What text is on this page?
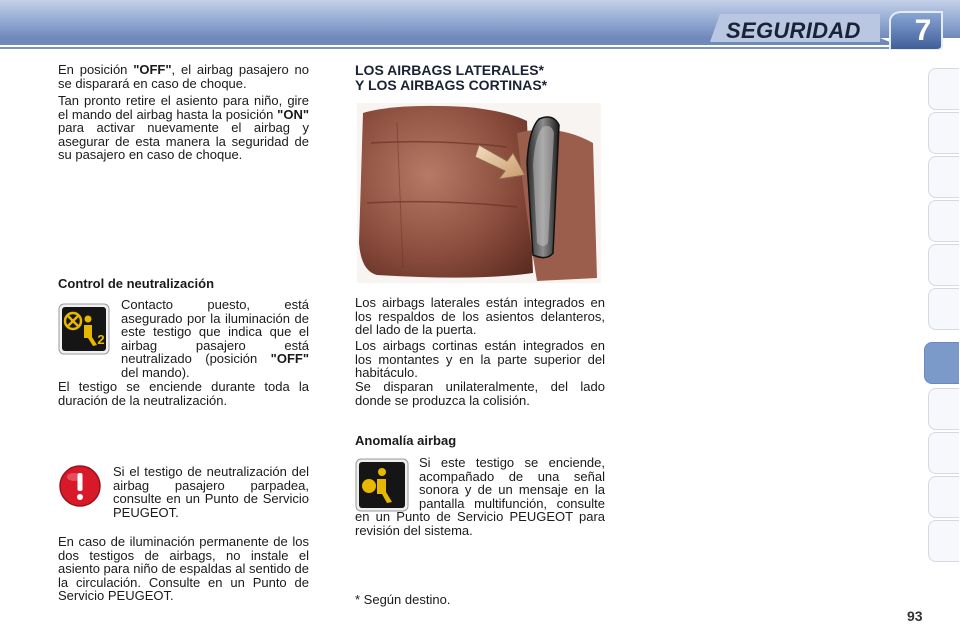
SEGURIDAD 7

En posición "OFF", el airbag pasajero no se disparará en caso de choque.

Tan pronto retire el asiento para niño, gire el mando del airbag hasta la posición "ON" para activar nuevamente el airbag y asegurar de esta manera la seguridad de su pasajero en caso de choque.

Control de neutralización

2

Contacto puesto, está asegurado por la iluminación de este testigo que indica que el airbag pasajero está neutralizado (posición "OFF" del mando).

El testigo se enciende durante toda la duración de la neutralización.

Si el testigo de neutralización del airbag pasajero parpadea, consulte en un Punto de Servicio PEUGEOT.

En caso de iluminación permanente de los dos testigos de airbags, no instale el asiento para niño de espaldas al sentido de la circulación. Consulte en un Punto de Servicio PEUGEOT.

LOS AIRBAGS LATERALES*
Y LOS AIRBAGS CORTINAS*

Los airbags laterales están integrados en los respaldos de los asientos delanteros, del lado de la puerta.

Los airbags cortinas están integrados en los montantes y en la parte superior del habitáculo.

Se disparan unilateralmente, del lado donde se produzca la colisión.

Anomalía airbag

Si este testigo se enciende, acompañado de una señal sonora y de un mensaje en la pantalla multifunción, consulte en un Punto de Servicio PEUGEOT para revisión del sistema.

* Según destino.

93
